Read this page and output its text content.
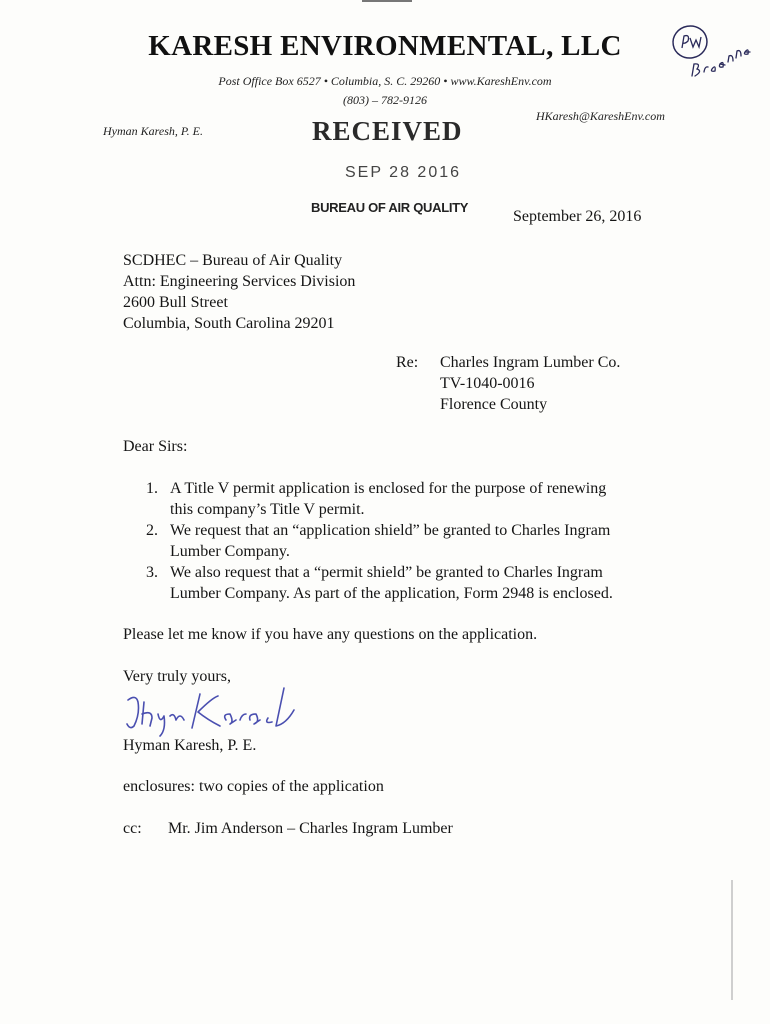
KARESH ENVIRONMENTAL, LLC
Post Office Box 6527 • Columbia, S. C. 29260 • www.KareshEnv.com
(803) – 782-9126
HKaresh@KareshEnv.com
Hyman Karesh, P. E.	RECEIVED
SEP 28 2016
BUREAU OF AIR QUALITY
September 26, 2016
SCDHEC – Bureau of Air Quality
Attn: Engineering Services Division
2600 Bull Street
Columbia, South Carolina 29201
Re: Charles Ingram Lumber Co.
TV-1040-0016
Florence County
Dear Sirs:
1. A Title V permit application is enclosed for the purpose of renewing
this company’s Title V permit.
2. We request that an “application shield” be granted to Charles Ingram
Lumber Company.
3. We also request that a “permit shield” be granted to Charles Ingram
Lumber Company. As part of the application, Form 2948 is enclosed.
Please let me know if you have any questions on the application.
Very truly yours,
Hyman Karesh, P. E.
enclosures: two copies of the application
cc: Mr. Jim Anderson – Charles Ingram Lumber
